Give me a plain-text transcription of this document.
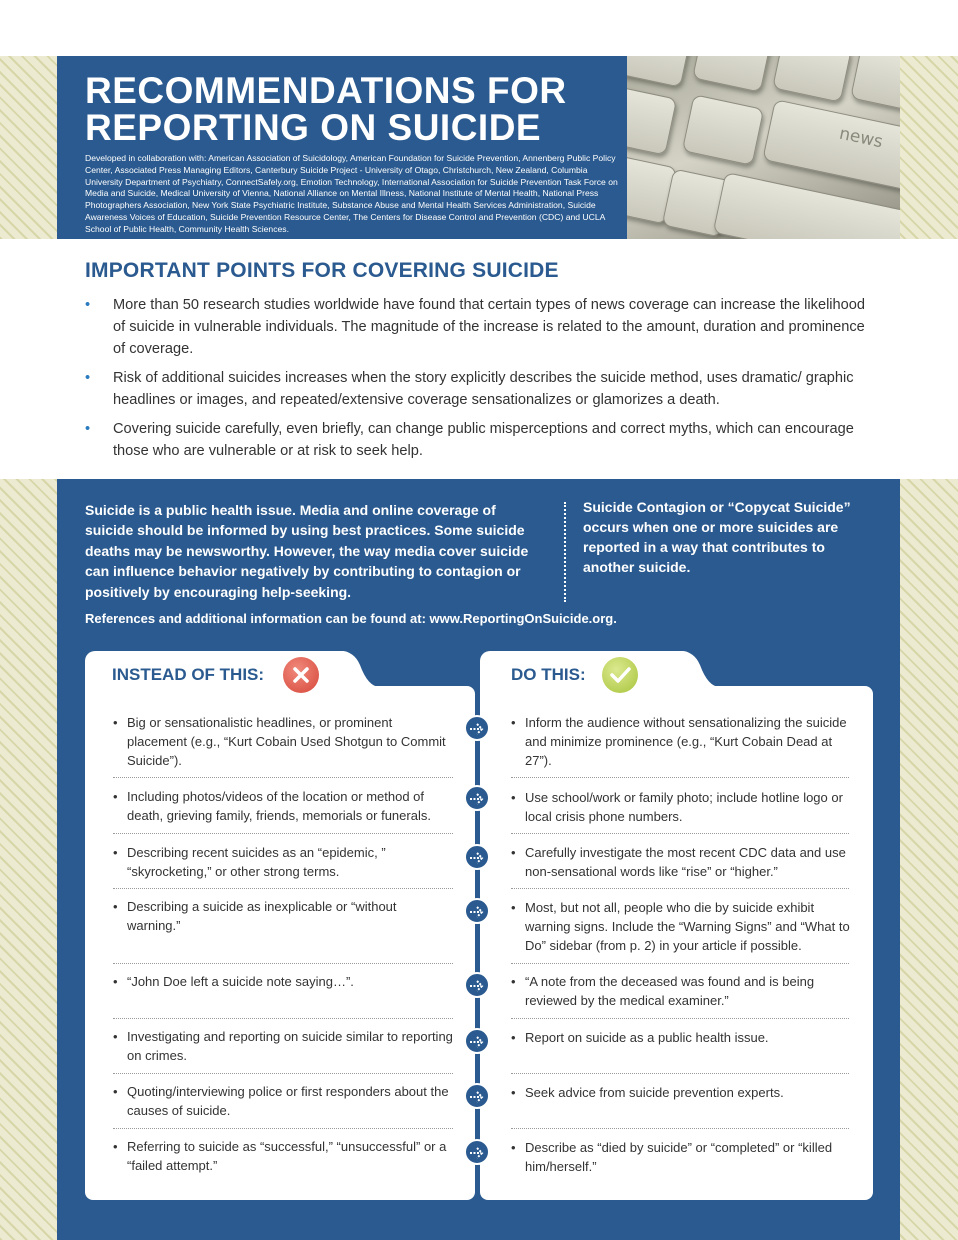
RECOMMENDATIONS FOR
REPORTING ON SUICIDE
Developed in collaboration with: American Association of Suicidology, American Foundation for Suicide Prevention, Annenberg Public Policy Center, Associated Press Managing Editors, Canterbury Suicide Project - University of Otago, Christchurch, New Zealand, Columbia University Department of Psychiatry, ConnectSafely.org, Emotion Technology, International Association for Suicide Prevention Task Force on Media and Suicide, Medical University of Vienna, National Alliance on Mental Illness, National Institute of Mental Health, National Press Photographers Association, New York State Psychiatric Institute, Substance Abuse and Mental Health Services Administration, Suicide Awareness Voices of Education, Suicide Prevention Resource Center, The Centers for Disease Control and Prevention (CDC) and UCLA School of Public Health, Community Health Sciences.
news
IMPORTANT POINTS FOR COVERING SUICIDE
• More than 50 research studies worldwide have found that certain types of news coverage can increase the likelihood of suicide in vulnerable individuals. The magnitude of the increase is related to the amount, duration and prominence of coverage.
• Risk of additional suicides increases when the story explicitly describes the suicide method, uses dramatic/ graphic headlines or images, and repeated/extensive coverage sensationalizes or glamorizes a death.
• Covering suicide carefully, even briefly, can change public misperceptions and correct myths, which can encourage those who are vulnerable or at risk to seek help.
Suicide is a public health issue. Media and online coverage of suicide should be informed by using best practices. Some suicide deaths may be newsworthy. However, the way media cover suicide can influence behavior negatively by contributing to contagion or positively by encouraging help-seeking.
Suicide Contagion or “Copycat Suicide” occurs when one or more suicides are reported in a way that contributes to another suicide.
References and additional information can be found at: www.ReportingOnSuicide.org.
INSTEAD OF THIS:	DO THIS:
• Big or sensationalistic headlines, or prominent placement (e.g., “Kurt Cobain Used Shotgun to Commit Suicide”).
• Including photos/videos of the location or method of death, grieving family, friends, memorials or funerals.
• Describing recent suicides as an “epidemic, ” “skyrocketing,” or other strong terms.
• Describing a suicide as inexplicable or “without warning.”
• “John Doe left a suicide note saying…”.
• Investigating and reporting on suicide similar to reporting on crimes.
• Quoting/interviewing police or first responders about the causes of suicide.
• Referring to suicide as “successful,” “unsuccessful” or a “failed attempt.”
• Inform the audience without sensationalizing the suicide and minimize prominence (e.g., “Kurt Cobain Dead at 27”).
• Use school/work or family photo; include hotline logo or local crisis phone numbers.
• Carefully investigate the most recent CDC data and use non-sensational words like “rise” or “higher.”
• Most, but not all, people who die by suicide exhibit warning signs. Include the “Warning Signs” and “What to Do” sidebar (from p. 2) in your article if possible.
• “A note from the deceased was found and is being reviewed by the medical examiner.”
• Report on suicide as a public health issue.
• Seek advice from suicide prevention experts.
• Describe as “died by suicide” or “completed” or “killed him/herself.”
